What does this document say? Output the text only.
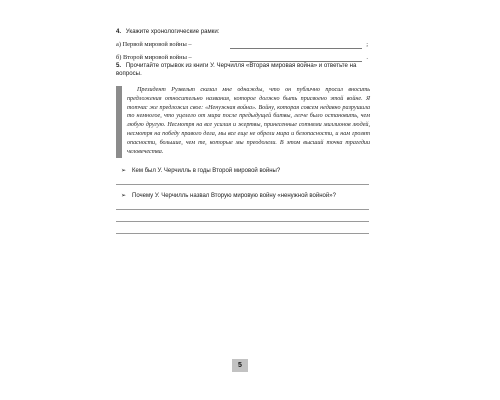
4. Укажите хронологические рамки:
а) Первой мировой войны –	;
б) Второй мировой войны –	.
5. Прочитайте отрывок из книги У. Черчилля «Вторая мировая война» и ответьте на вопросы.
Президент Рузвельт сказал мне однажды, что он публично просил вносить предложения относительно названия, которое должно быть присвоено этой войне. Я тотчас же предложил свое: «Ненужная война». Войну, которая совсем недавно разрушила то немногое, что уцелело от мира после предыдущей битвы, легче было остановить, чем любую другую. Несмотря на все усилия и жертвы, принесенные сотнями миллионов людей, несмотря на победу правого дела, мы все еще не обрели мира и безопасности, и нам грозят опасности, большие, чем те, которые мы преодолели. В этом высший точка трагедии человечества.
➢ Кем был У. Черчилль в годы Второй мировой войны?
➢ Почему У. Черчилль назвал Вторую мировую войну «ненужной войной»?
5
